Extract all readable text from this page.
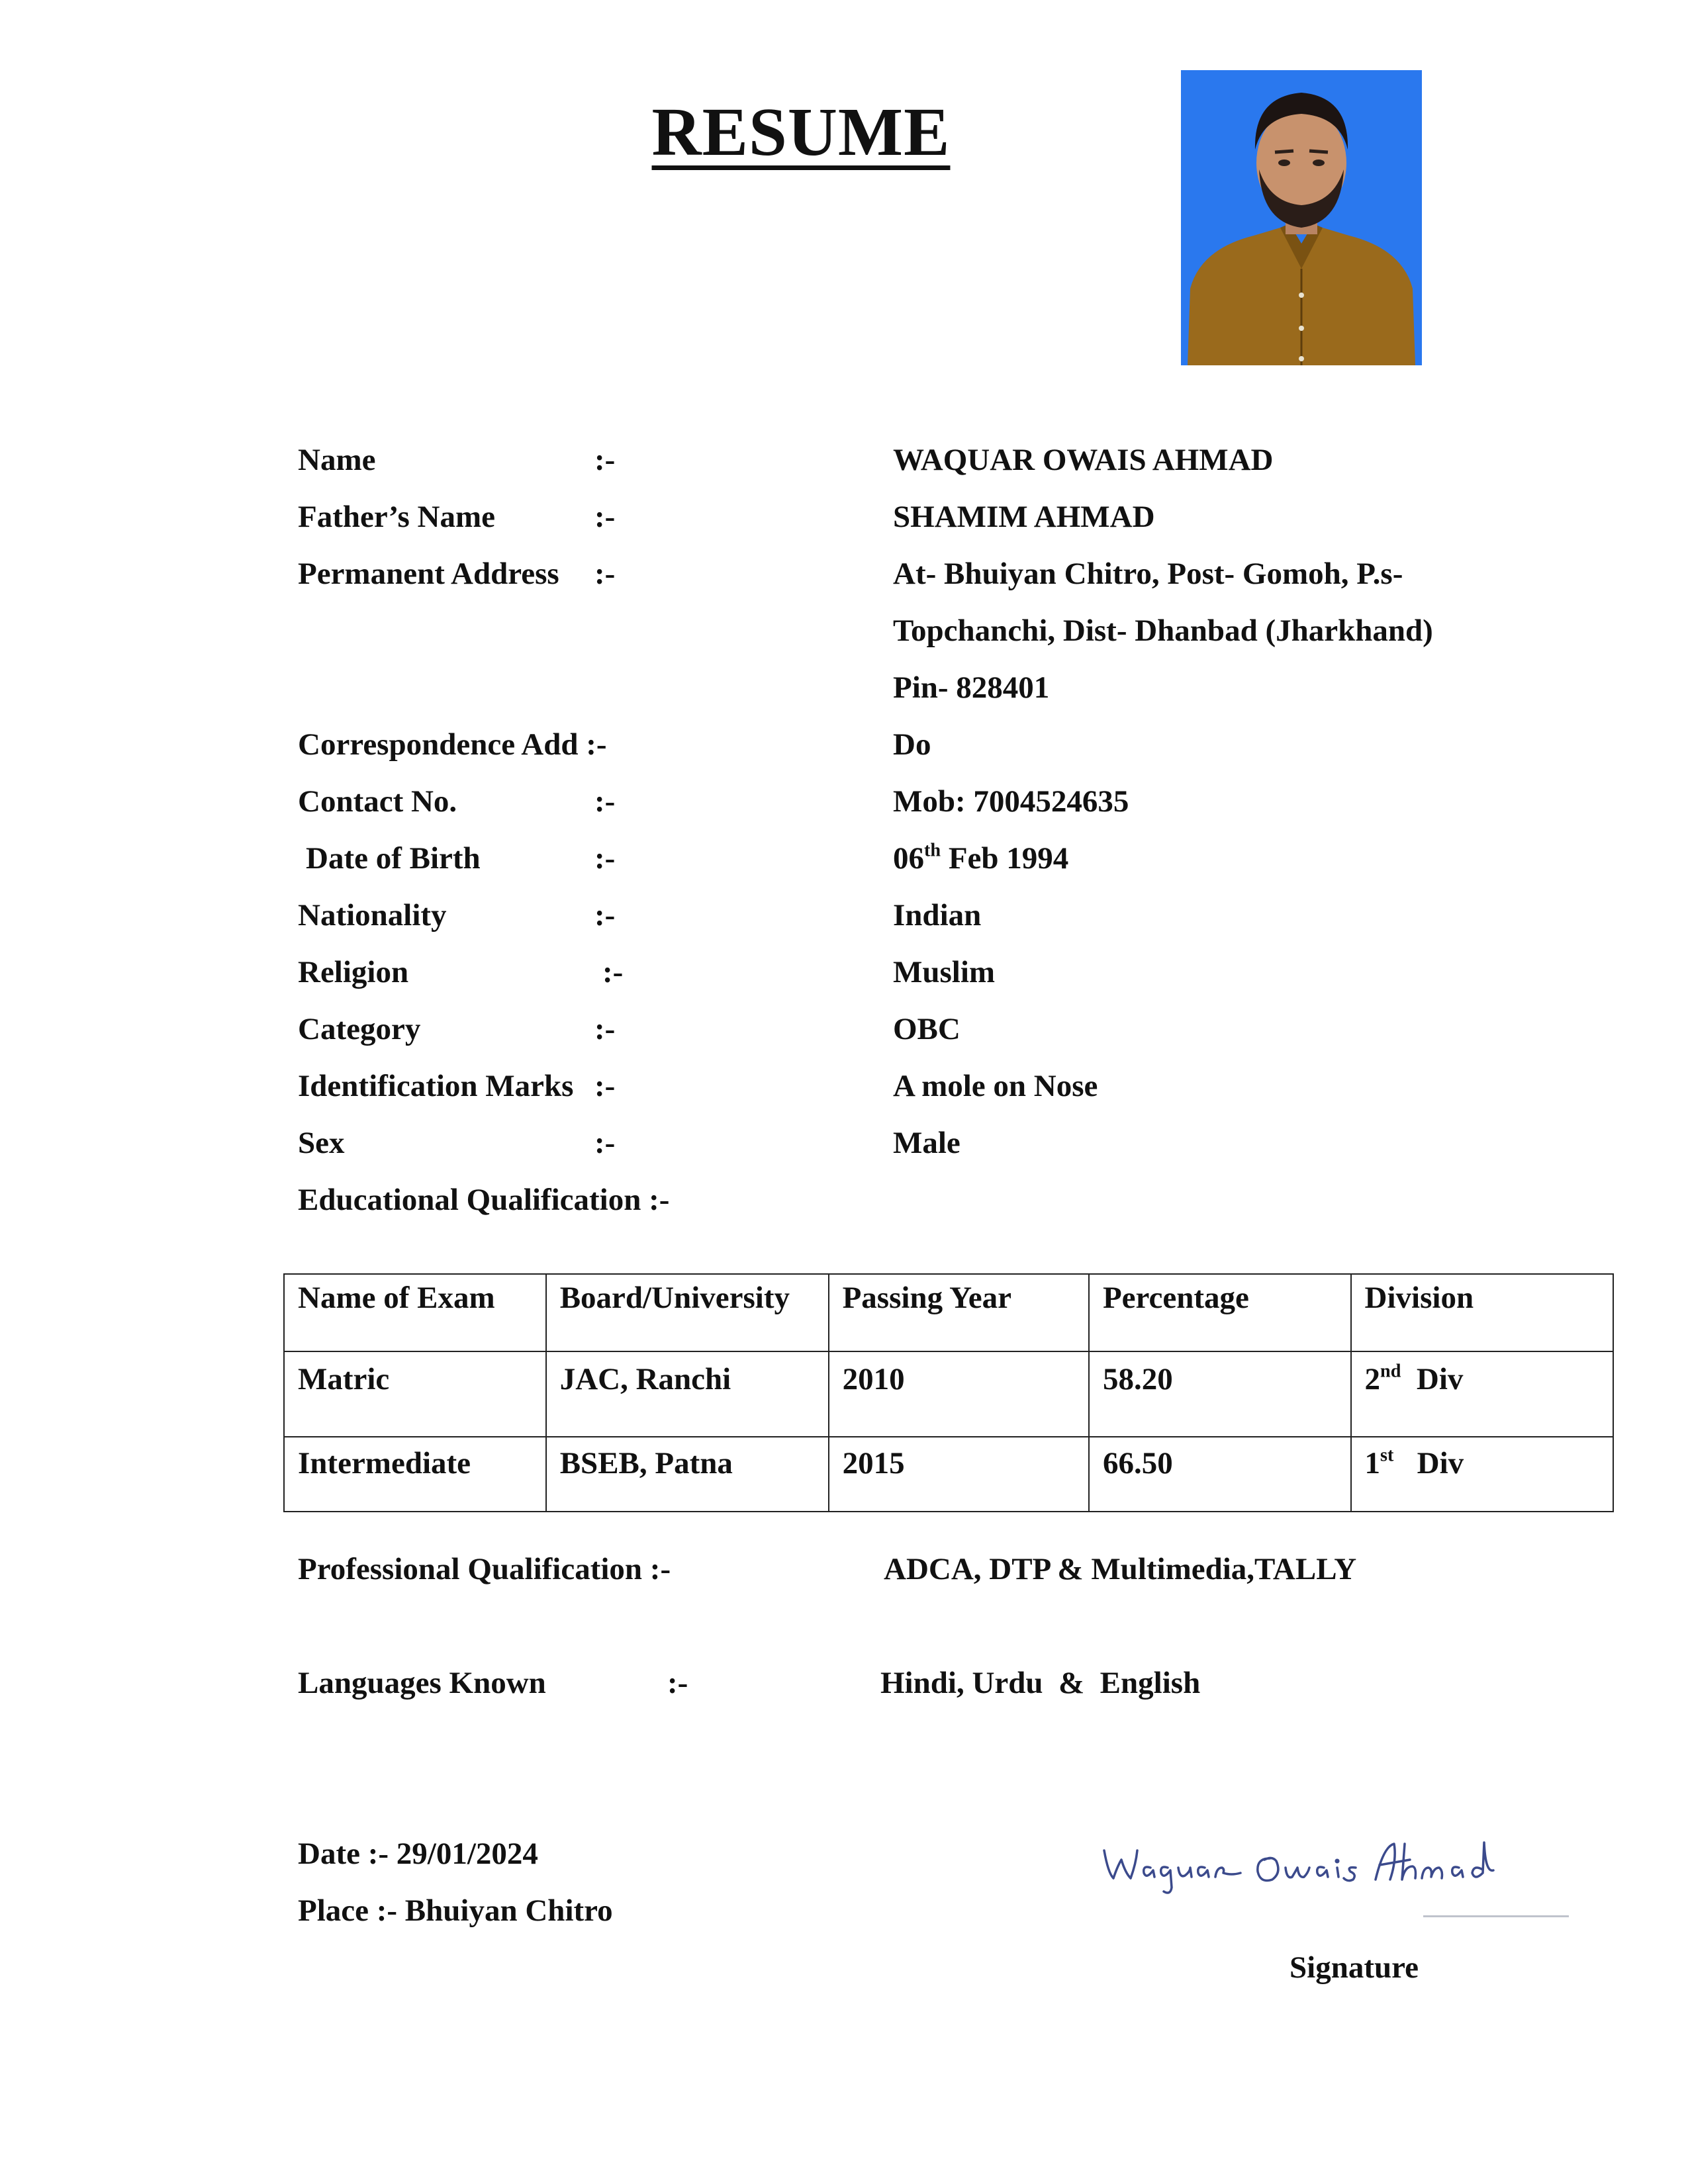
RESUME
Name	:-	WAQUAR OWAIS AHMAD
Father’s Name	:-	SHAMIM AHMAD
Permanent Address :-	At- Bhuiyan Chitro, Post- Gomoh, P.s-
Topchanchi, Dist- Dhanbad (Jharkhand)
Pin- 828401
Correspondence Add :-	Do
Contact No.	:-	Mob: 7004524635
Date of Birth	:-	06th Feb 1994
Nationality	:-	Indian
Religion	:-	Muslim
Category	:-	OBC
Identification Marks :-	A mole on Nose
Sex	:-	Male
Educational Qualification :-
Name of Exam	Board/University	Passing Year	Percentage	Division
Matric	JAC, Ranchi	2010	58.20	2nd  Div
Intermediate	BSEB, Patna	2015	66.50	1st   Div
Professional Qualification :-	ADCA, DTP & Multimedia,TALLY
Languages Known	:-	Hindi, Urdu  &  English
Date :- 29/01/2024
Place :- Bhuiyan Chitro
Signature
